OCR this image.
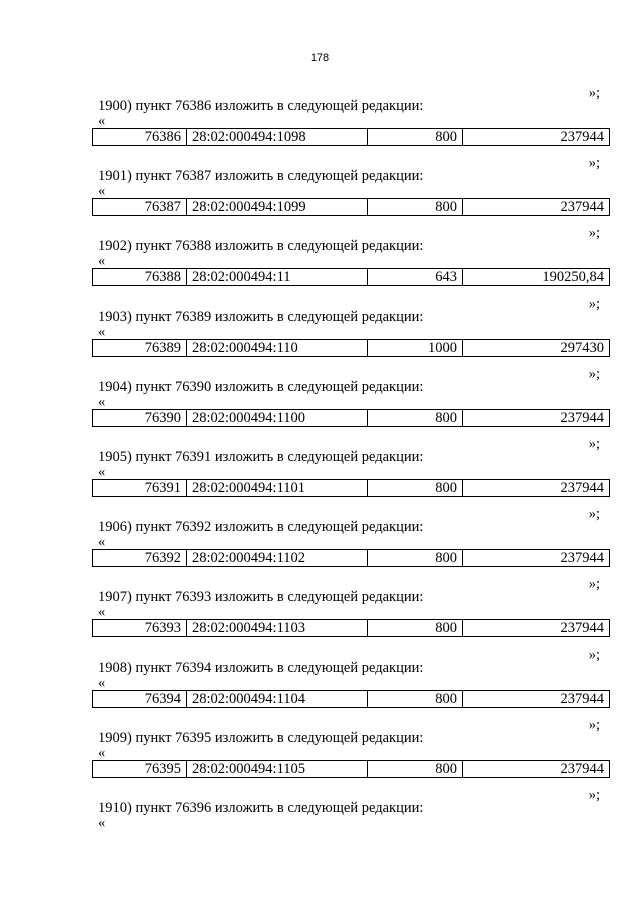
178
»;
1900) пункт 76386 изложить в следующей редакции:
«
76386	28:02:000494:1098	800	237944
»;
1901) пункт 76387 изложить в следующей редакции:
«
76387	28:02:000494:1099	800	237944
»;
1902) пункт 76388 изложить в следующей редакции:
«
76388	28:02:000494:11	643	190250,84
»;
1903) пункт 76389 изложить в следующей редакции:
«
76389	28:02:000494:110	1000	297430
»;
1904) пункт 76390 изложить в следующей редакции:
«
76390	28:02:000494:1100	800	237944
»;
1905) пункт 76391 изложить в следующей редакции:
«
76391	28:02:000494:1101	800	237944
»;
1906) пункт 76392 изложить в следующей редакции:
«
76392	28:02:000494:1102	800	237944
»;
1907) пункт 76393 изложить в следующей редакции:
«
76393	28:02:000494:1103	800	237944
»;
1908) пункт 76394 изложить в следующей редакции:
«
76394	28:02:000494:1104	800	237944
»;
1909) пункт 76395 изложить в следующей редакции:
«
76395	28:02:000494:1105	800	237944
»;
1910) пункт 76396 изложить в следующей редакции:
«
